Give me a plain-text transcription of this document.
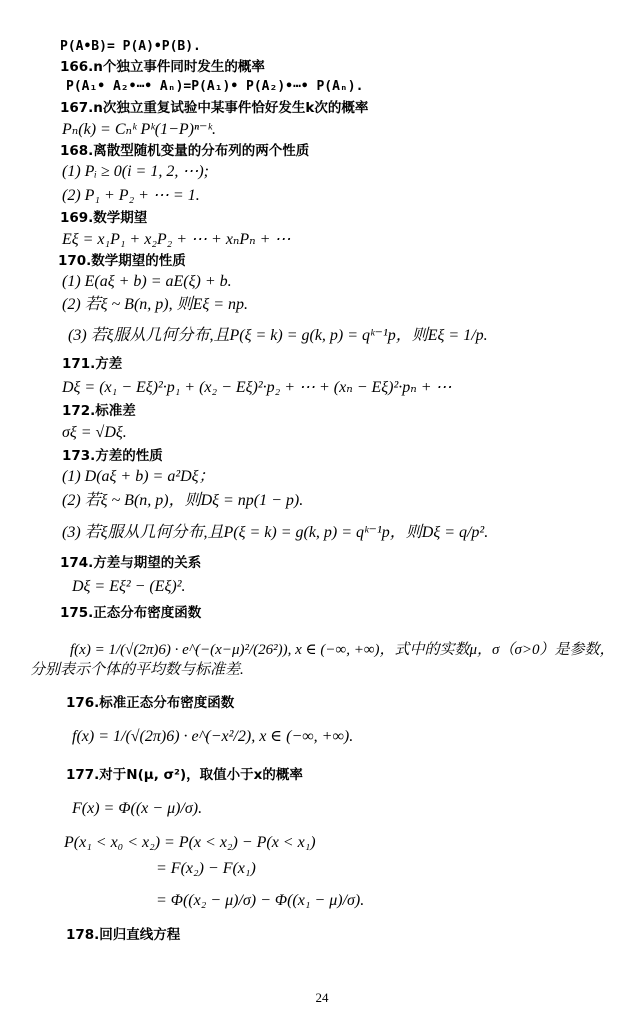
P(A•B)= P(A)•P(B).
166.n个独立事件同时发生的概率
P(A₁• A₂•⋯• Aₙ)=P(A₁)• P(A₂)•⋯• P(Aₙ).
167.n次独立重复试验中某事件恰好发生k次的概率
Pₙ(k) = Cₙᵏ Pᵏ(1−P)ⁿ⁻ᵏ.
168.离散型随机变量的分布列的两个性质
(1) Pᵢ ≥ 0(i = 1, 2, ⋯);
(2) P₁ + P₂ + ⋯ = 1.
169.数学期望
Eξ = x₁P₁ + x₂P₂ + ⋯ + xₙPₙ + ⋯
170.数学期望的性质
(1) E(aξ + b) = aE(ξ) + b.
(2) 若ξ ~ B(n, p), 则Eξ = np.
(3) 若ξ服从几何分布,且P(ξ = k) = g(k, p) = qᵏ⁻¹p，则Eξ = 1/p.
171.方差
Dξ = (x₁ − Eξ)²·p₁ + (x₂ − Eξ)²·p₂ + ⋯ + (xₙ − Eξ)²·pₙ + ⋯
172.标准差
σξ = √Dξ.
173.方差的性质
(1) D(aξ + b) = a²Dξ；
(2) 若ξ ~ B(n, p)，则Dξ = np(1 − p).
(3) 若ξ服从几何分布,且P(ξ = k) = g(k, p) = qᵏ⁻¹p，则Dξ = q/p².
174.方差与期望的关系
Dξ = Eξ² − (Eξ)².
175.正态分布密度函数
f(x) = 1/(√(2π)6) · e^(−(x−μ)²/(26²)), x ∈ (−∞, +∞)，式中的实数μ，σ（σ>0）是参数，分别表示个体的平均数与标准差.
176.标准正态分布密度函数
f(x) = 1/(√(2π)6) · e^(−x²/2), x ∈ (−∞, +∞).
177.对于N(μ, σ²)，取值小于x的概率
F(x) = Φ((x − μ)/σ).
P(x₁ < x₀ < x₂) = P(x < x₂) − P(x < x₁)
= F(x₂) − F(x₁)
= Φ((x₂ − μ)/σ) − Φ((x₁ − μ)/σ).
178.回归直线方程
24
